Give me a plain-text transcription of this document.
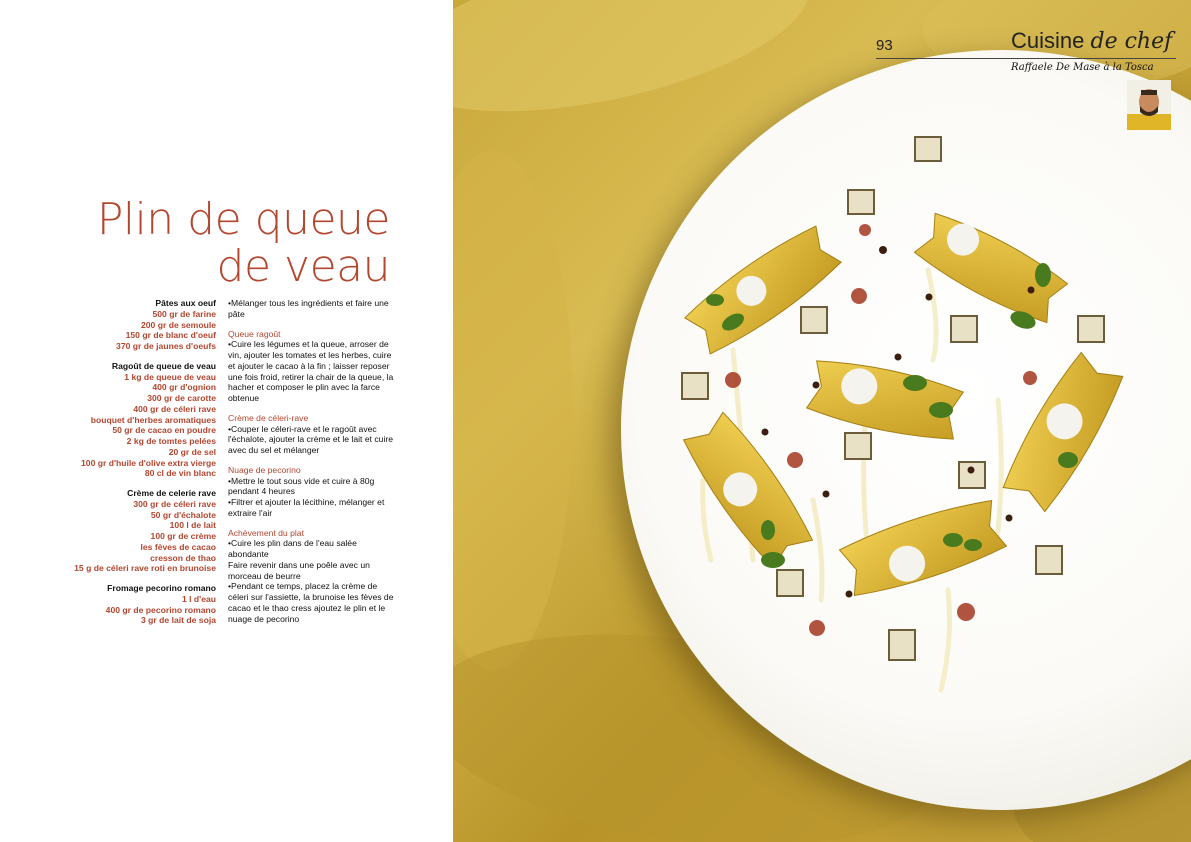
Plin de queue
de veau
Pâtes aux oeuf
500 gr de farine
200 gr de semoule
150 gr de blanc d'oeuf
370 gr de jaunes d'oeufs
Ragoût de queue de veau
1 kg de queue de veau
400 gr d'ognion
300 gr de carotte
400 gr de céleri rave
bouquet d'herbes aromatiques
50 gr de cacao en poudre
2 kg de tomtes pelées
20 gr de sel
100 gr d'huile d'olive extra vierge
80 cl de vin blanc
Crème de celerie rave
300 gr de céleri rave
50 gr d'échalote
100 l de lait
100 gr de crème
les fèves de cacao
cresson de thao
15 g de céleri rave roti en brunoise
Fromage pecorino romano
1 l d'eau
400 gr de pecorino romano
3 gr de lait de soja
•Mélanger tous les ingrédients et faire une pâte
Queue ragoût
•Cuire les légumes et la queue, arroser de vin, ajouter les tomates et les herbes, cuire et ajouter le cacao à la fin ; laisser reposer une fois froid, retirer la chair de la queue, la hacher et composer le plin avec la farce obtenue
Crème de céleri-rave
•Couper le céleri-rave et le ragoût avec l'échalote, ajouter la crème et le lait et cuire avec du sel et mélanger
Nuage de pecorino
•Mettre le tout sous vide et cuire à 80g pendant 4 heures
•Filtrer et ajouter la lécithine, mélanger et extraire l'air
Achèvement du plat
•Cuire les plin dans de l'eau salée abondante
Faire revenir dans une poêle avec un morceau de beurre
•Pendant ce temps, placez la crème de céleri sur l'assiette, la brunoise les fèves de cacao et le thao cress ajoutez le plin et le nuage de pecorino
93	Cuisine de chef
Raffaele De Mase à la Tosca
